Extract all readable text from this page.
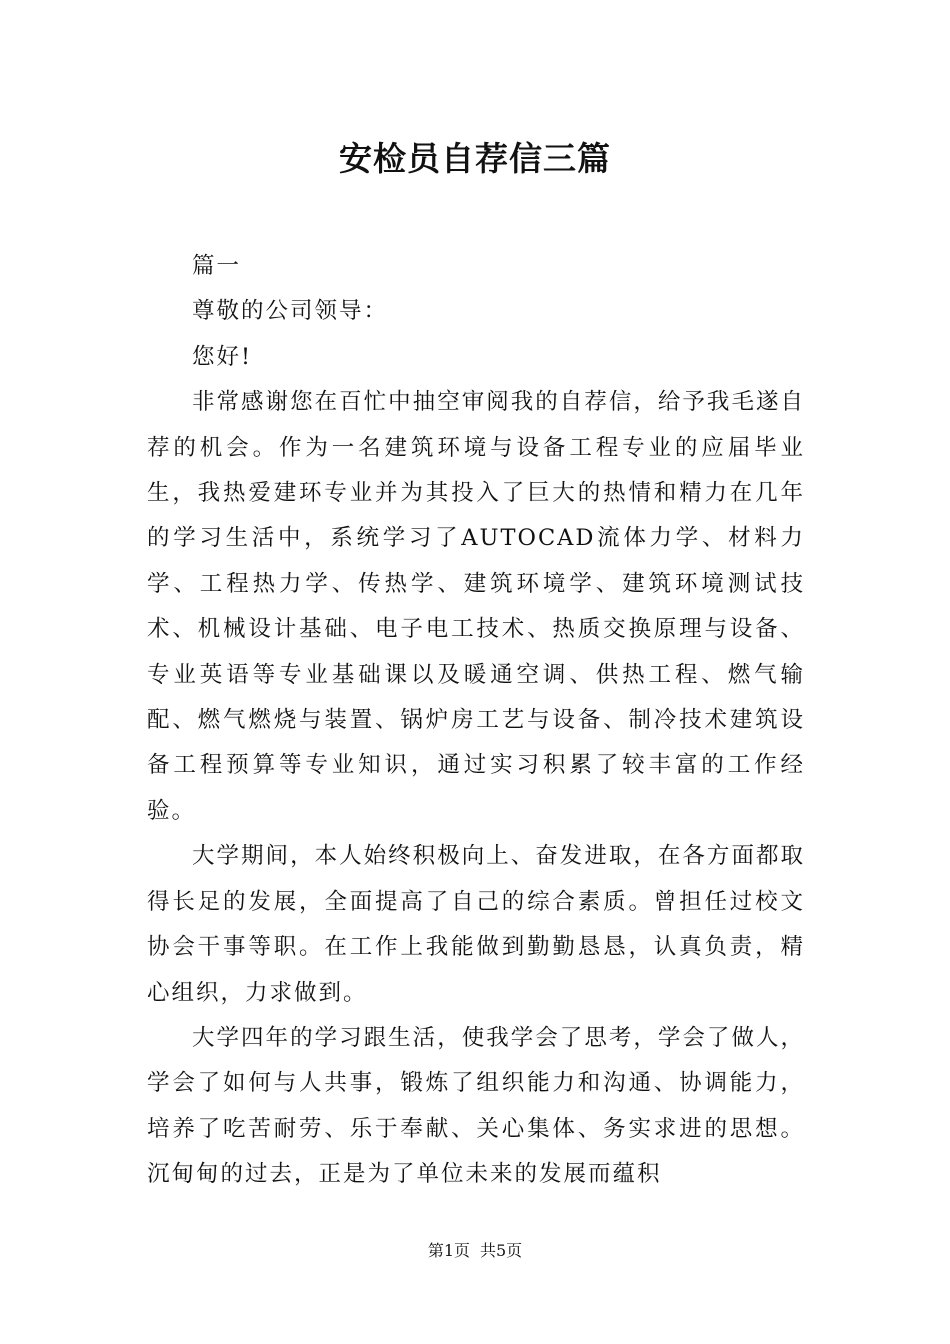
安检员自荐信三篇

篇一

尊敬的公司领导：

您好!

非常感谢您在百忙中抽空审阅我的自荐信，给予我毛遂自荐的机会。作为一名建筑环境与设备工程专业的应届毕业生，我热爱建环专业并为其投入了巨大的热情和精力在几年的学习生活中，系统学习了AUTOCAD流体力学、材料力学、工程热力学、传热学、建筑环境学、建筑环境测试技术、机械设计基础、电子电工技术、热质交换原理与设备、专业英语等专业基础课以及暖通空调、供热工程、燃气输配、燃气燃烧与装置、锅炉房工艺与设备、制冷技术建筑设备工程预算等专业知识，通过实习积累了较丰富的工作经验。

大学期间，本人始终积极向上、奋发进取，在各方面都取得长足的发展，全面提高了自己的综合素质。曾担任过校文协会干事等职。在工作上我能做到勤勤恳恳，认真负责，精心组织，力求做到。

大学四年的学习跟生活，使我学会了思考，学会了做人，学会了如何与人共事，锻炼了组织能力和沟通、协调能力，培养了吃苦耐劳、乐于奉献、关心集体、务实求进的思想。沉甸甸的过去，正是为了单位未来的发展而蕴积

第1页 共5页
